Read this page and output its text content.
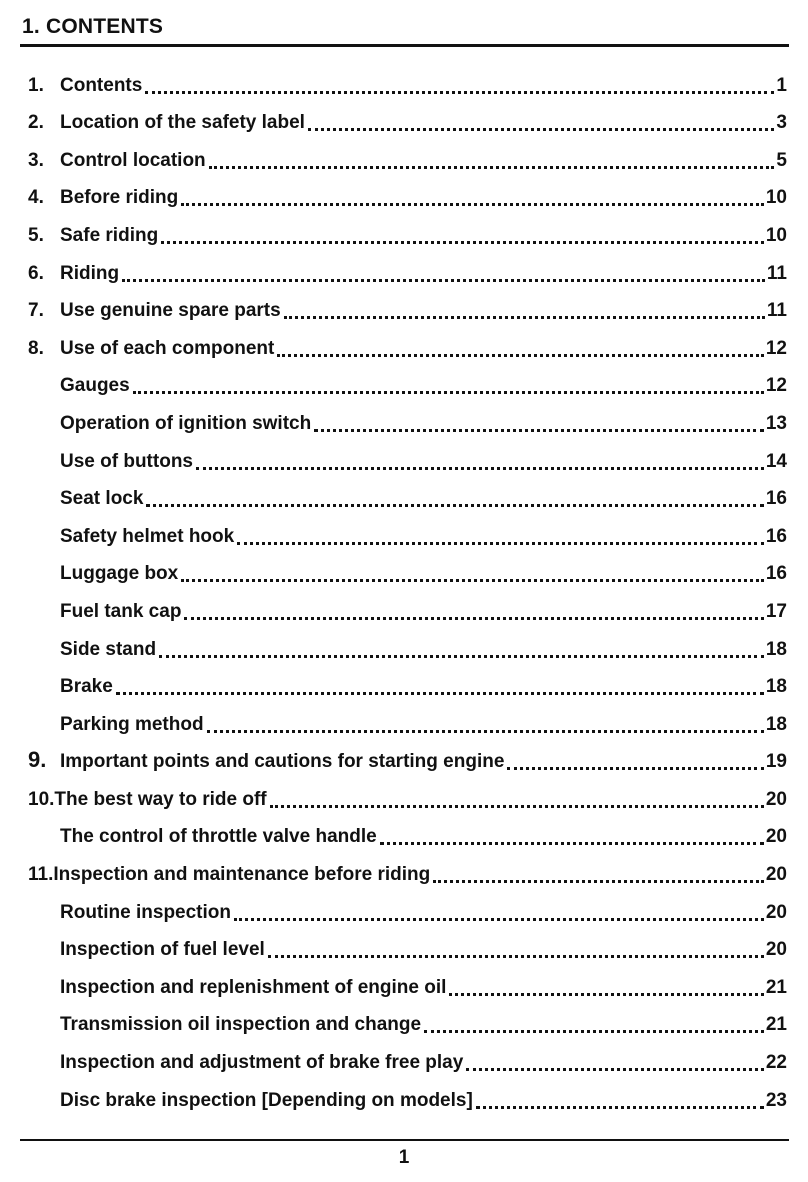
1. CONTENTS
1. Contents	1
2. Location of the safety label	3
3. Control location	5
4. Before riding	10
5. Safe riding	10
6. Riding	11
7. Use genuine spare parts	11
8. Use of each component	12
Gauges	12
Operation of ignition switch	13
Use of buttons	14
Seat lock	16
Safety helmet hook	16
Luggage box	16
Fuel tank cap	17
Side stand	18
Brake	18
Parking method	18
9. Important points and cautions for starting engine	19
10. The best way to ride off	20
The control of throttle valve handle	20
11. Inspection and maintenance before riding	20
Routine inspection	20
Inspection of fuel level	20
Inspection and replenishment of engine oil	21
Transmission oil inspection and change	21
Inspection and adjustment of brake free play	22
Disc brake inspection [Depending on models]	23
1
